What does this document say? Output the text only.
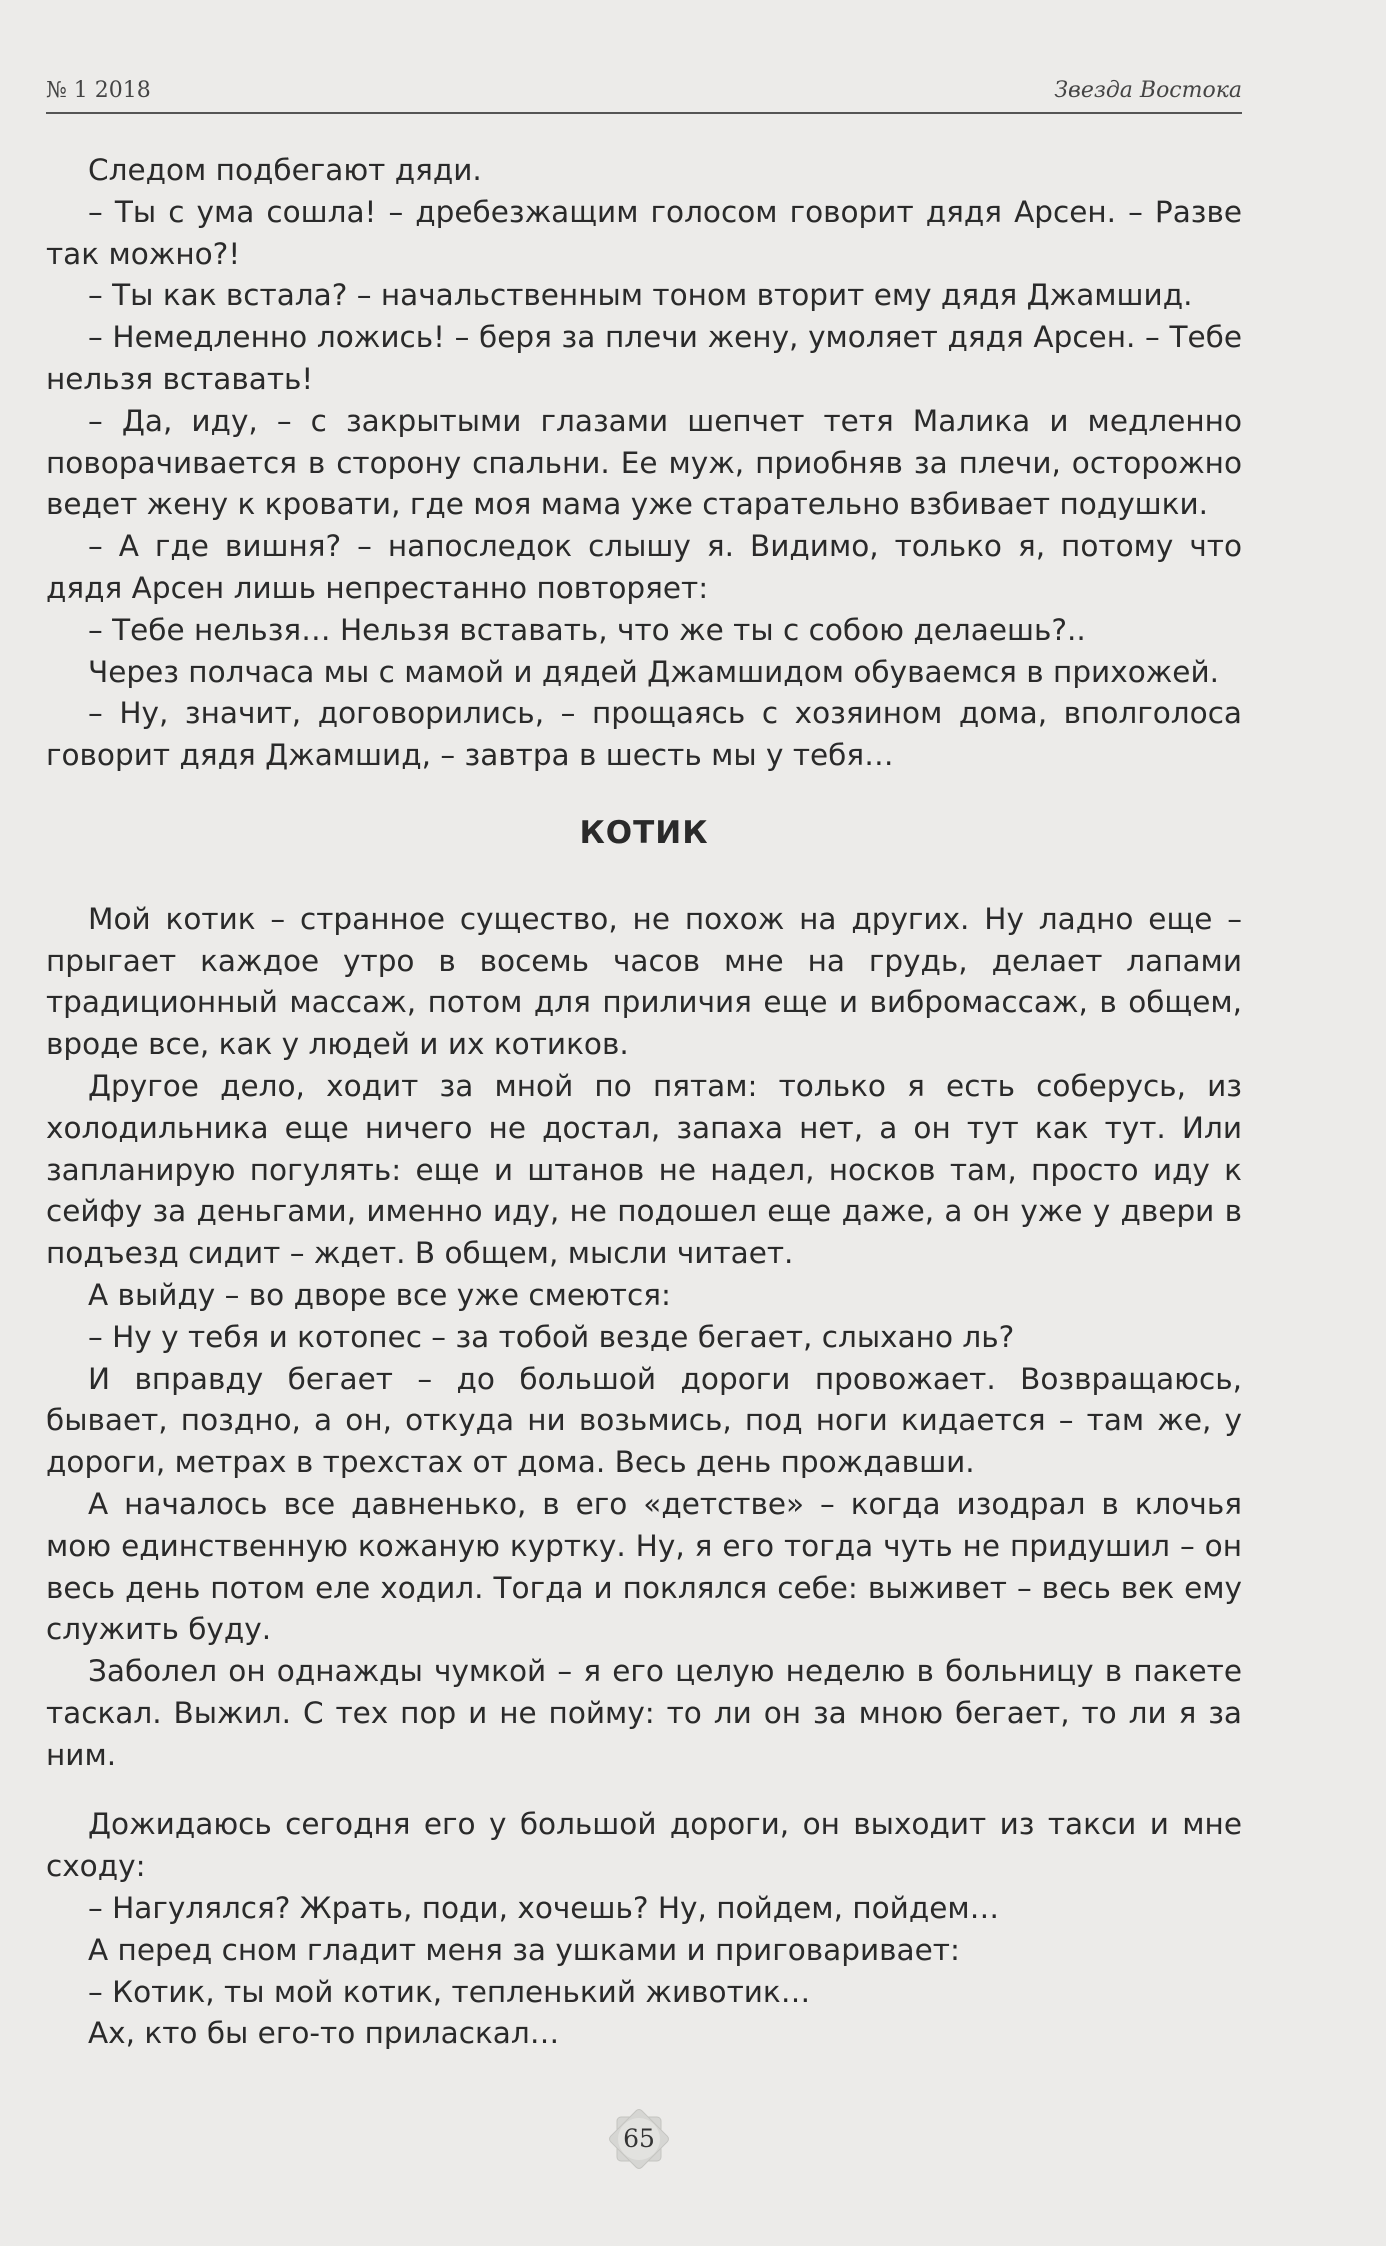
№ 1 2018	Звезда Востока

Следом подбегают дяди.

– Ты с ума сошла! – дребезжащим голосом говорит дядя Арсен. – Разве так можно?!

– Ты как встала? – начальственным тоном вторит ему дядя Джамшид.

– Немедленно ложись! – беря за плечи жену, умоляет дядя Арсен. – Тебе нельзя вставать!

– Да, иду, – с закрытыми глазами шепчет тетя Малика и медленно поворачивается в сторону спальни. Ее муж, приобняв за плечи, осторожно ведет жену к кровати, где моя мама уже старательно взбивает подушки.

– А где вишня? – напоследок слышу я. Видимо, только я, потому что дядя Арсен лишь непрестанно повторяет:

– Тебе нельзя… Нельзя вставать, что же ты с собою делаешь?..

Через полчаса мы с мамой и дядей Джамшидом обуваемся в прихожей.

– Ну, значит, договорились, – прощаясь с хозяином дома, вполголоса говорит дядя Джамшид, – завтра в шесть мы у тебя…

КОТИК

Мой котик – странное существо, не похож на других. Ну ладно еще – прыгает каждое утро в восемь часов мне на грудь, делает лапами традиционный массаж, потом для приличия еще и вибромассаж, в общем, вроде все, как у людей и их котиков.

Другое дело, ходит за мной по пятам: только я есть соберусь, из холодильника еще ничего не достал, запаха нет, а он тут как тут. Или запланирую погулять: еще и штанов не надел, носков там, просто иду к сейфу за деньгами, именно иду, не подошел еще даже, а он уже у двери в подъезд сидит – ждет. В общем, мысли читает.

А выйду – во дворе все уже смеются:

– Ну у тебя и котопес – за тобой везде бегает, слыхано ль?

И вправду бегает – до большой дороги провожает. Возвращаюсь, бывает, поздно, а он, откуда ни возьмись, под ноги кидается – там же, у дороги, метрах в трехстах от дома. Весь день прождавши.

А началось все давненько, в его «детстве» – когда изодрал в клочья мою единственную кожаную куртку. Ну, я его тогда чуть не придушил – он весь день потом еле ходил. Тогда и поклялся себе: выживет – весь век ему служить буду.

Заболел он однажды чумкой – я его целую неделю в больницу в пакете таскал. Выжил. С тех пор и не пойму: то ли он за мною бегает, то ли я за ним.

Дожидаюсь сегодня его у большой дороги, он выходит из такси и мне сходу:

– Нагулялся? Жрать, поди, хочешь? Ну, пойдем, пойдем…

А перед сном гладит меня за ушками и приговаривает:

– Котик, ты мой котик, тепленький животик…

Ах, кто бы его-то приласкал…

65
